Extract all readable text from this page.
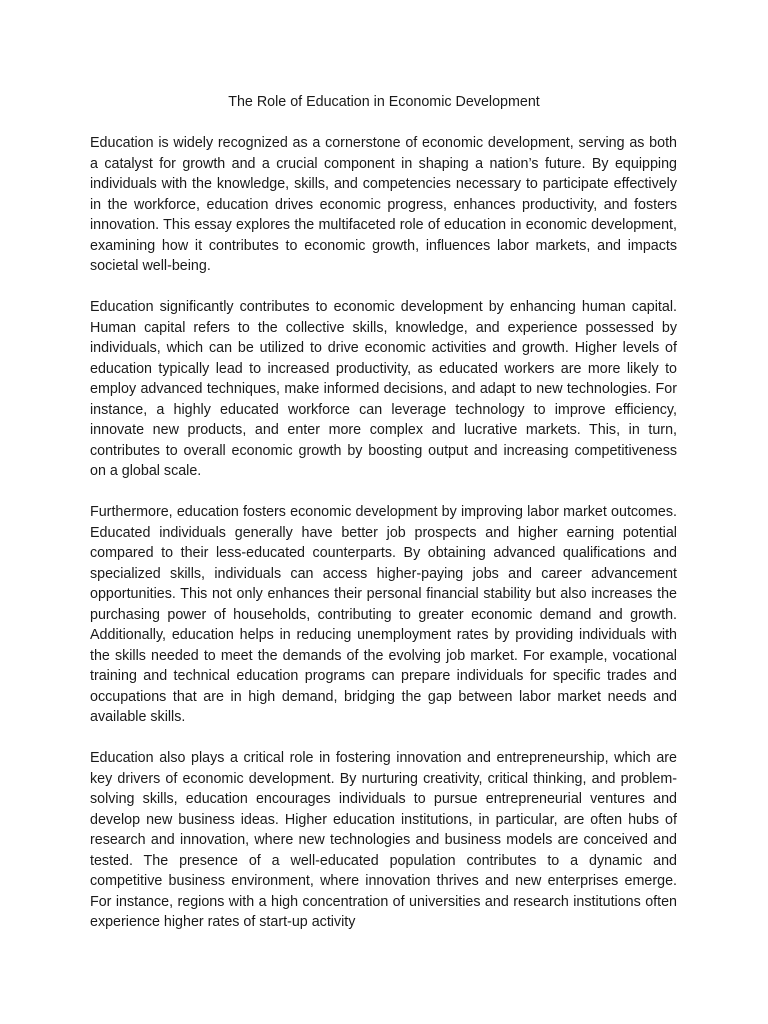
The Role of Education in Economic Development

Education is widely recognized as a cornerstone of economic development, serving as both a catalyst for growth and a crucial component in shaping a nation’s future. By equipping individuals with the knowledge, skills, and competencies necessary to participate effectively in the workforce, education drives economic progress, enhances productivity, and fosters innovation. This essay explores the multifaceted role of education in economic development, examining how it contributes to economic growth, influences labor markets, and impacts societal well-being.

Education significantly contributes to economic development by enhancing human capital. Human capital refers to the collective skills, knowledge, and experience possessed by individuals, which can be utilized to drive economic activities and growth. Higher levels of education typically lead to increased productivity, as educated workers are more likely to employ advanced techniques, make informed decisions, and adapt to new technologies. For instance, a highly educated workforce can leverage technology to improve efficiency, innovate new products, and enter more complex and lucrative markets. This, in turn, contributes to overall economic growth by boosting output and increasing competitiveness on a global scale.

Furthermore, education fosters economic development by improving labor market outcomes. Educated individuals generally have better job prospects and higher earning potential compared to their less-educated counterparts. By obtaining advanced qualifications and specialized skills, individuals can access higher-paying jobs and career advancement opportunities. This not only enhances their personal financial stability but also increases the purchasing power of households, contributing to greater economic demand and growth. Additionally, education helps in reducing unemployment rates by providing individuals with the skills needed to meet the demands of the evolving job market. For example, vocational training and technical education programs can prepare individuals for specific trades and occupations that are in high demand, bridging the gap between labor market needs and available skills.

Education also plays a critical role in fostering innovation and entrepreneurship, which are key drivers of economic development. By nurturing creativity, critical thinking, and problem-solving skills, education encourages individuals to pursue entrepreneurial ventures and develop new business ideas. Higher education institutions, in particular, are often hubs of research and innovation, where new technologies and business models are conceived and tested. The presence of a well-educated population contributes to a dynamic and competitive business environment, where innovation thrives and new enterprises emerge. For instance, regions with a high concentration of universities and research institutions often experience higher rates of start-up activity
